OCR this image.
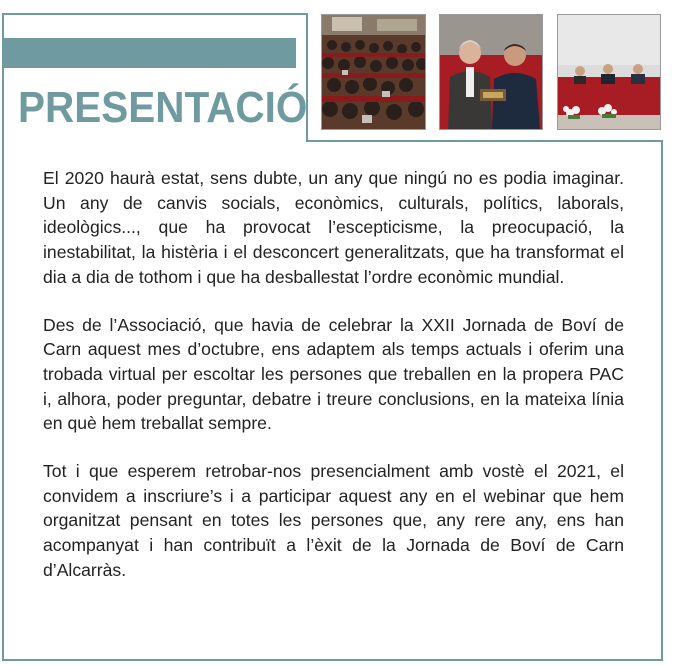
PRESENTACIÓ

El 2020 haurà estat, sens dubte, un any que ningú no es podia imaginar. Un any de canvis socials, econòmics, culturals, polítics, laborals, ideològics..., que ha provocat l’escepticisme, la preocupació, la inestabilitat, la histèria i el desconcert generalitzats, que ha transformat el dia a dia de tothom i que ha desballestat l’ordre econòmic mundial.

Des de l’Associació, que havia de celebrar la XXII Jornada de Boví de Carn aquest mes d’octubre, ens adaptem als temps actuals i oferim una trobada virtual per escoltar les persones que treballen en la propera PAC i, alhora, poder preguntar, debatre i treure conclusions, en la mateixa línia en què hem treballat sempre.

Tot i que esperem retrobar-nos presencialment amb vostè el 2021, el convidem a inscriure’s i a participar aquest any en el webinar que hem organitzat pensant en totes les persones que, any rere any, ens han acompanyat i han contribuït a l’èxit de la Jornada de Boví de Carn d’Alcarràs.
